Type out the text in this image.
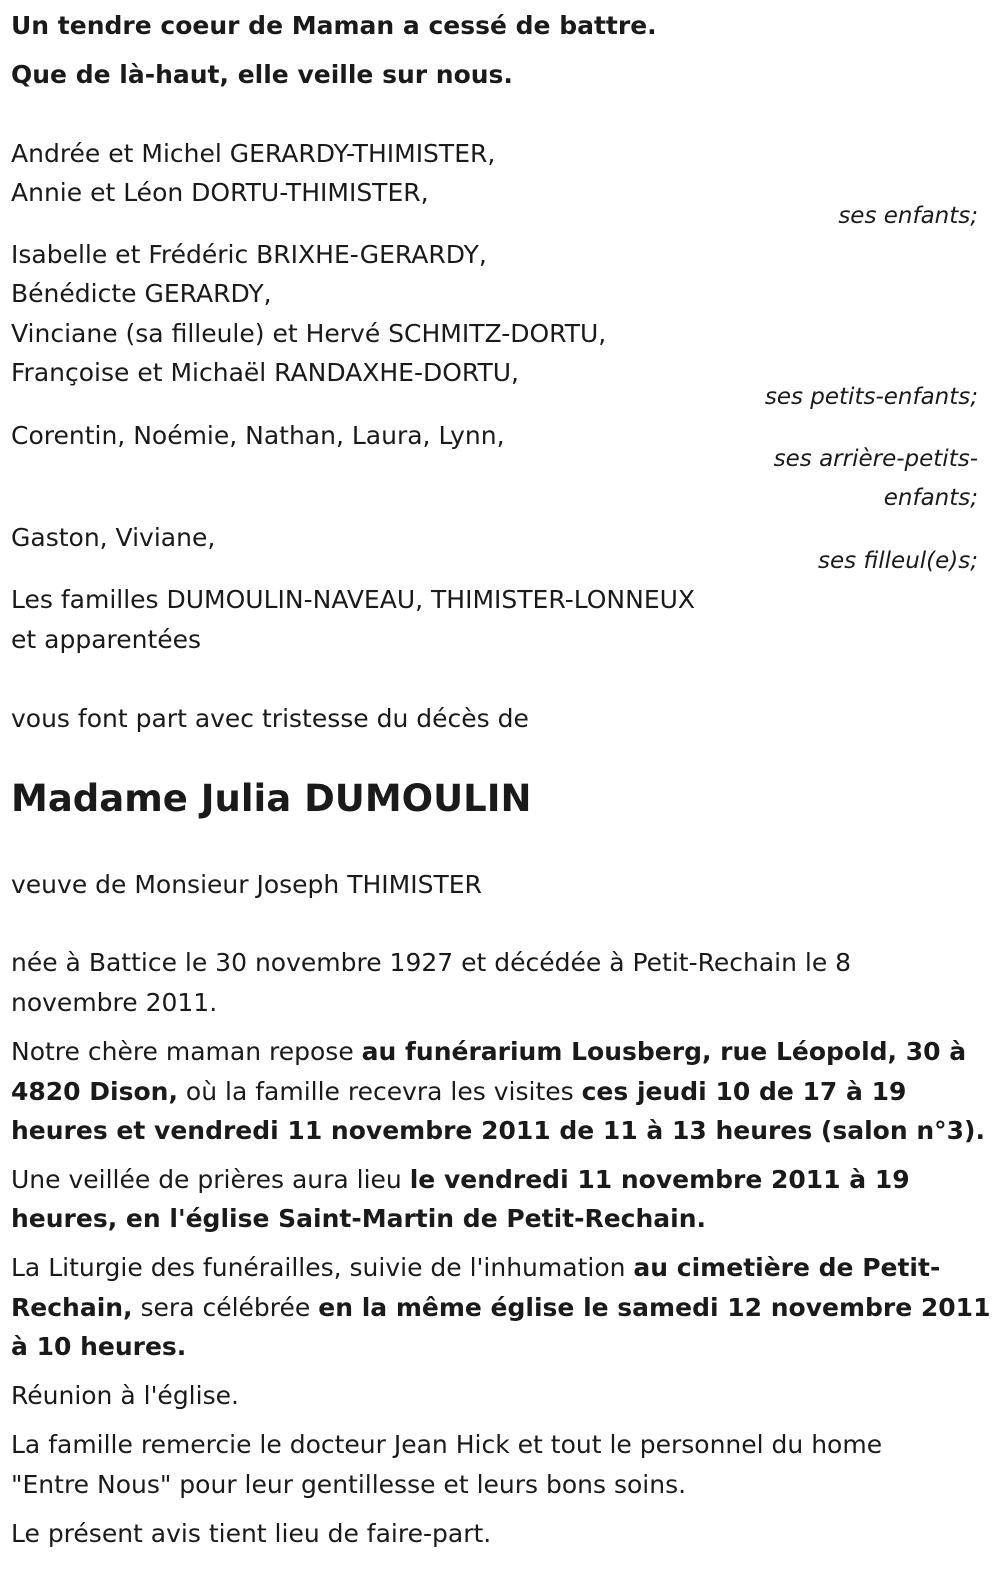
Un tendre coeur de Maman a cessé de battre.
Que de là-haut, elle veille sur nous.
Andrée et Michel GERARDY-THIMISTER,
Annie et Léon DORTU-THIMISTER,
ses enfants;
Isabelle et Frédéric BRIXHE-GERARDY,
Bénédicte GERARDY,
Vinciane (sa filleule) et Hervé SCHMITZ-DORTU,
Françoise et Michaël RANDAXHE-DORTU,
ses petits-enfants;
Corentin, Noémie, Nathan, Laura, Lynn,
ses arrière-petits-
enfants;
Gaston, Viviane,
ses filleul(e)s;
Les familles DUMOULIN-NAVEAU, THIMISTER-LONNEUX
et apparentées
vous font part avec tristesse du décès de
Madame Julia DUMOULIN
veuve de Monsieur Joseph THIMISTER
née à Battice le 30 novembre 1927 et décédée à Petit-Rechain le 8
novembre 2011.
Notre chère maman repose au funérarium Lousberg, rue Léopold, 30 à
4820 Dison, où la famille recevra les visites ces jeudi 10 de 17 à 19
heures et vendredi 11 novembre 2011 de 11 à 13 heures (salon n°3).
Une veillée de prières aura lieu le vendredi 11 novembre 2011 à 19
heures, en l'église Saint-Martin de Petit-Rechain.
La Liturgie des funérailles, suivie de l'inhumation au cimetière de Petit-
Rechain, sera célébrée en la même église le samedi 12 novembre 2011
à 10 heures.
Réunion à l'église.
La famille remercie le docteur Jean Hick et tout le personnel du home
"Entre Nous" pour leur gentillesse et leurs bons soins.
Le présent avis tient lieu de faire-part.
